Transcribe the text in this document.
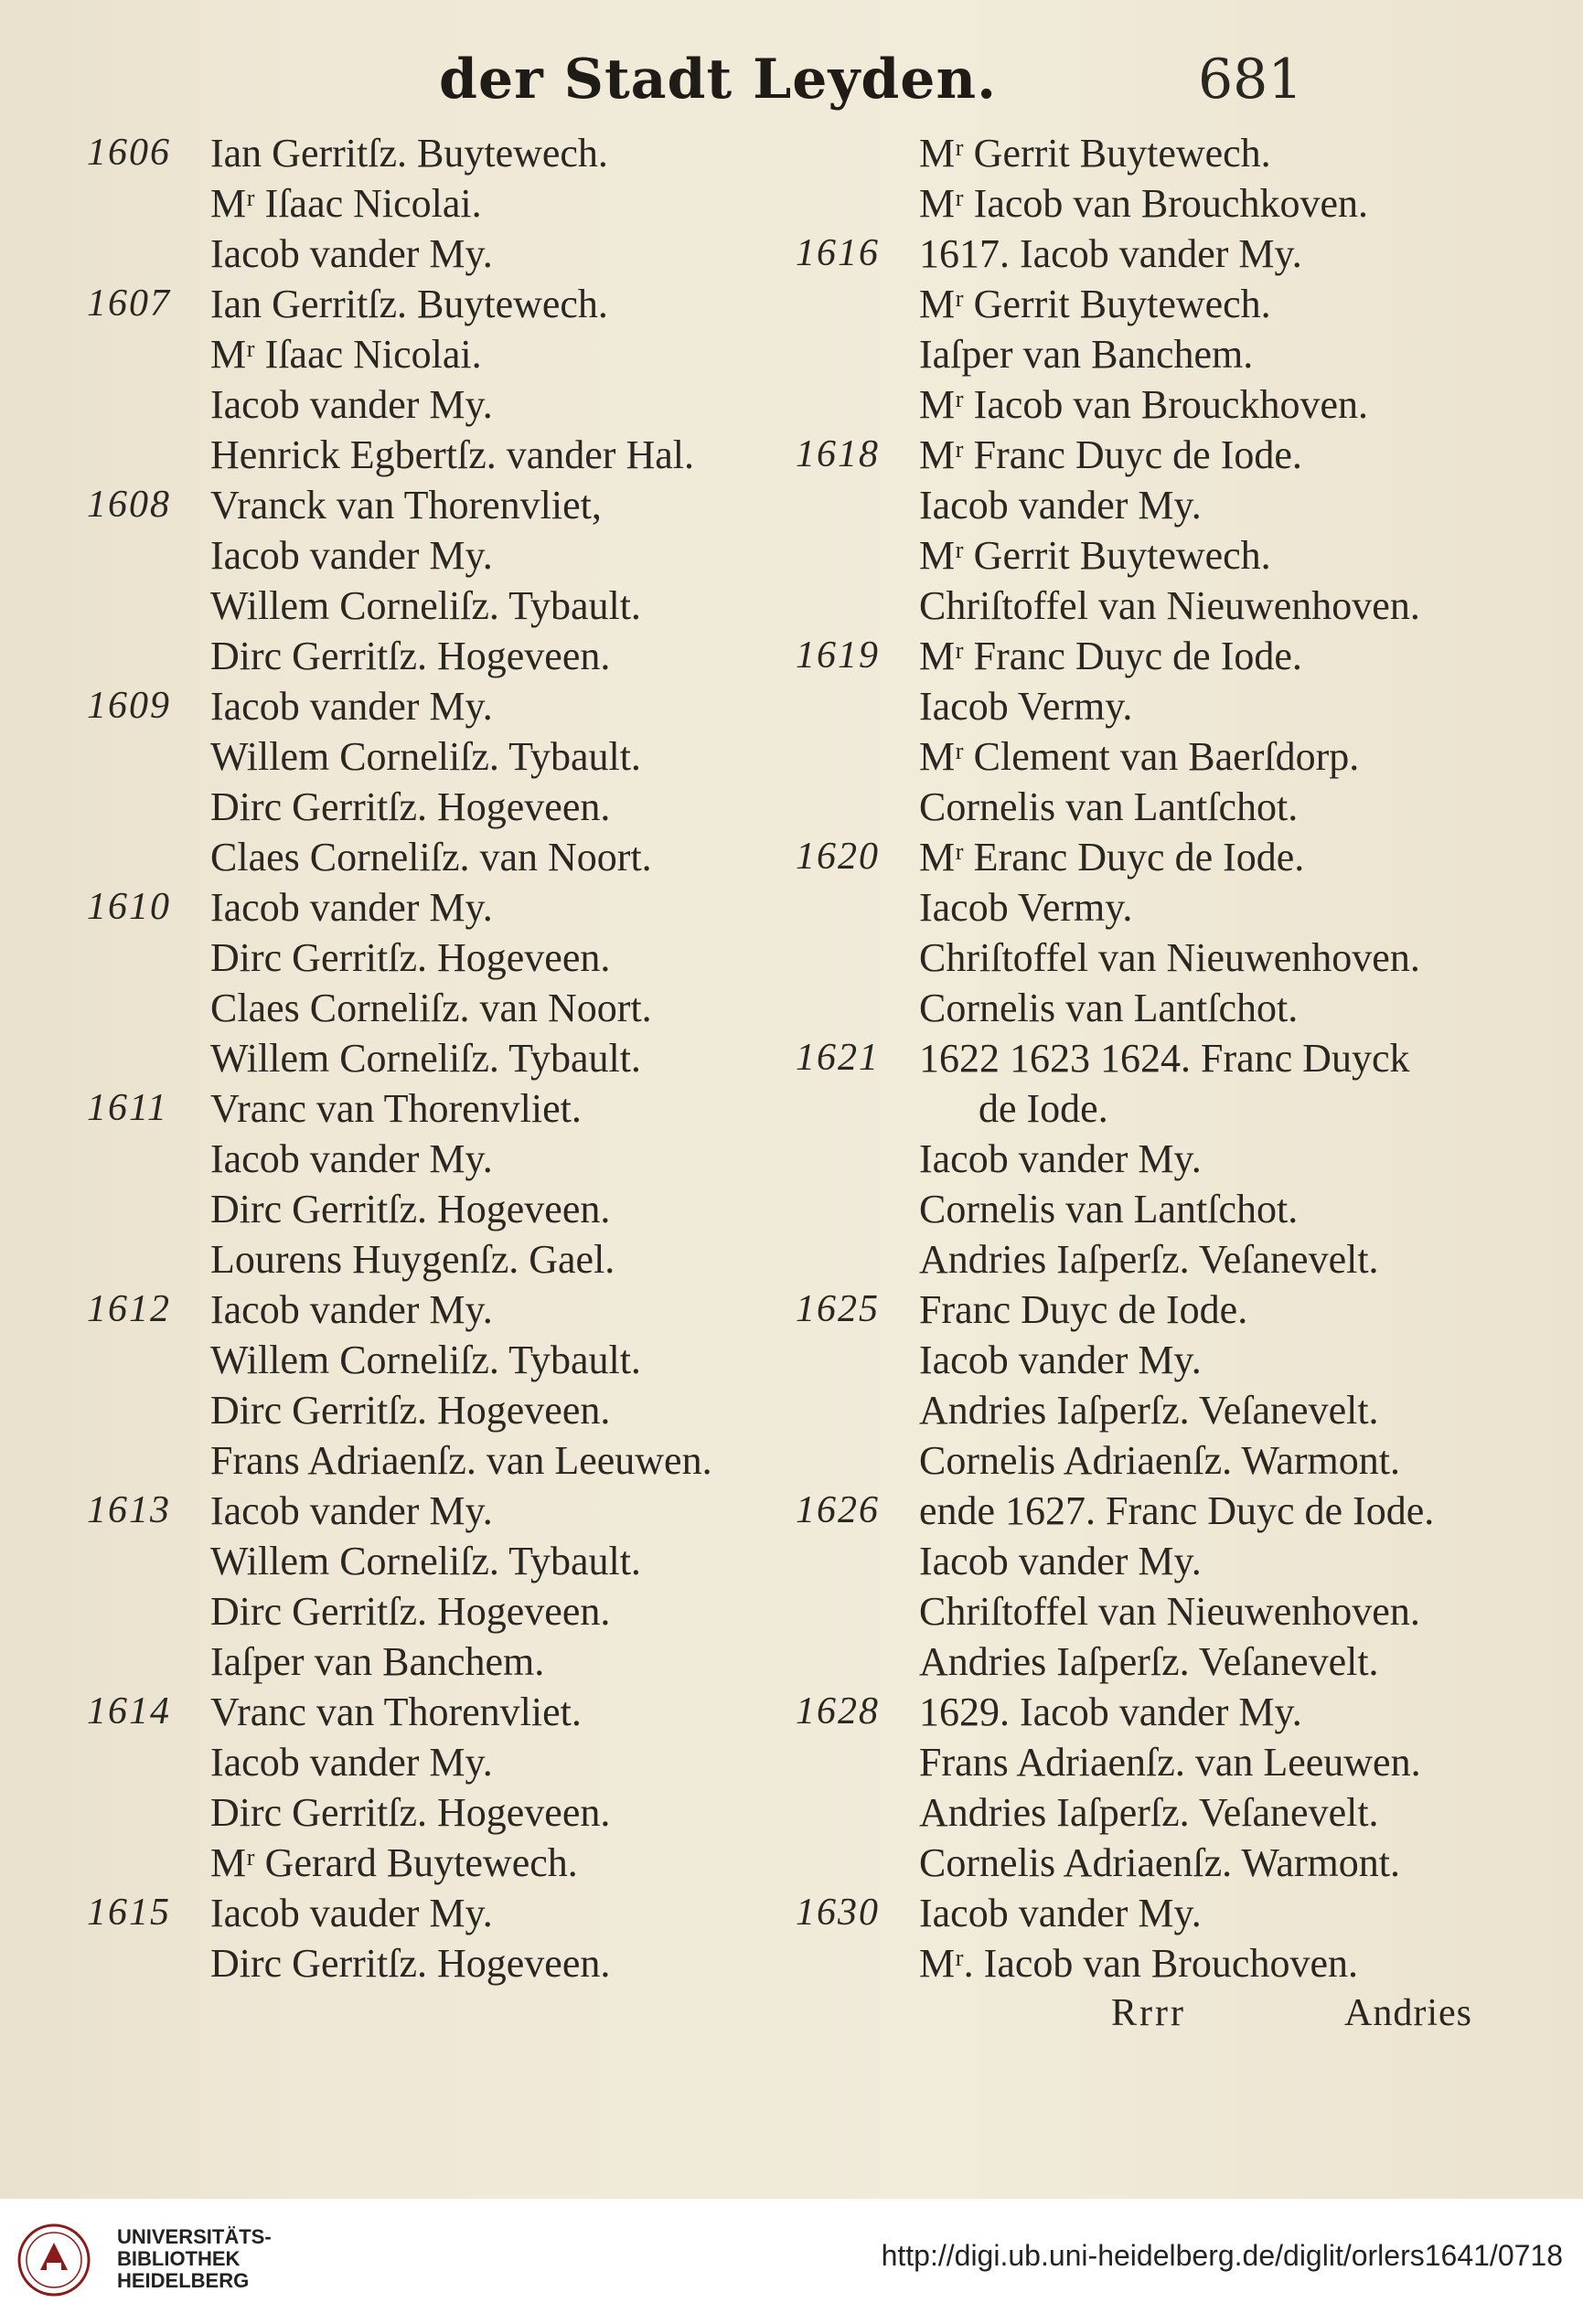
der Stadt Leyden.	681
1606 Ian Gerritſz. Buytewech.
Mʳ Iſaac Nicolai.
Iacob vander My.
1607 Ian Gerritſz. Buytewech.
Mʳ Iſaac Nicolai.
Iacob vander My.
Henrick Egbertſz. vander Hal.
1608 Vranck van Thorenvliet,
Iacob vander My.
Willem Corneliſz. Tybault.
Dirc Gerritſz. Hogeveen.
1609 Iacob vander My.
Willem Corneliſz. Tybault.
Dirc Gerritſz. Hogeveen.
Claes Corneliſz. van Noort.
1610 Iacob vander My.
Dirc Gerritſz. Hogeveen.
Claes Corneliſz. van Noort.
Willem Corneliſz. Tybault.
1611 Vranc van Thorenvliet.
Iacob vander My.
Dirc Gerritſz. Hogeveen.
Lourens Huygenſz. Gael.
1612 Iacob vander My.
Willem Corneliſz. Tybault.
Dirc Gerritſz. Hogeveen.
Frans Adriaenſz. van Leeuwen.
1613 Iacob vander My.
Willem Corneliſz. Tybault.
Dirc Gerritſz. Hogeveen.
Iaſper van Banchem.
1614 Vranc van Thorenvliet.
Iacob vander My.
Dirc Gerritſz. Hogeveen.
Mʳ Gerard Buytewech.
1615 Iacob vauder My.
Dirc Gerritſz. Hogeveen.
Mʳ Gerrit Buytewech.
Mʳ Iacob van Brouchkoven.
1616 1617. Iacob vander My.
Mʳ Gerrit Buytewech.
Iaſper van Banchem.
Mʳ Iacob van Brouckhoven.
1618 Mʳ Franc Duyc de Iode.
Iacob vander My.
Mʳ Gerrit Buytewech.
Chriſtoffel van Nieuwenhoven.
1619 Mʳ Franc Duyc de Iode.
Iacob Vermy.
Mʳ Clement van Baerſdorp.
Cornelis van Lantſchot.
1620 Mʳ Eranc Duyc de Iode.
Iacob Vermy.
Chriſtoffel van Nieuwenhoven.
Cornelis van Lantſchot.
1621 1622 1623 1624. Franc Duyck
de Iode.
Iacob vander My.
Cornelis van Lantſchot.
Andries Iaſperſz. Veſanevelt.
1625 Franc Duyc de Iode.
Iacob vander My.
Andries Iaſperſz. Veſanevelt.
Cornelis Adriaenſz. Warmont.
1626 ende 1627. Franc Duyc de Iode.
Iacob vander My.
Chriſtoffel van Nieuwenhoven.
Andries Iaſperſz. Veſanevelt.
1628 1629. Iacob vander My.
Frans Adriaenſz. van Leeuwen.
Andries Iaſperſz. Veſanevelt.
Cornelis Adriaenſz. Warmont.
1630 Iacob vander My.
Mʳ. Iacob van Brouchoven.
Rrrr	Andries
UNIVERSITÄTS-
BIBLIOTHEK
HEIDELBERG
http://digi.ub.uni-heidelberg.de/diglit/orlers1641/0718
